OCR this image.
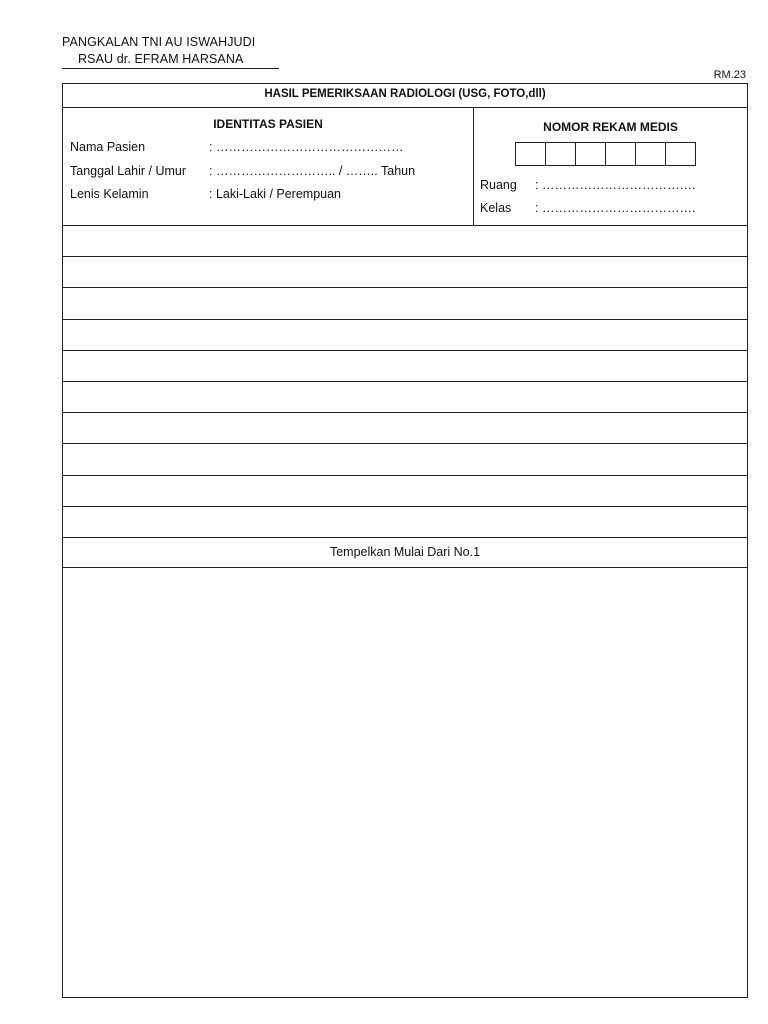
PANGKALAN TNI AU ISWAHJUDI
RSAU dr. EFRAM HARSANA
RM.23
HASIL PEMERIKSAAN RADIOLOGI (USG, FOTO,dll)
IDENTITAS PASIEN
Nama Pasien	: ………………………………………
Tanggal Lahir / Umur : ……………………….. / …….. Tahun
Lenis Kelamin	: Laki-Laki / Perempuan
NOMOR REKAM MEDIS
Ruang : ……………………………….
Kelas : ……………………………….
Tempelkan Mulai Dari No.1
